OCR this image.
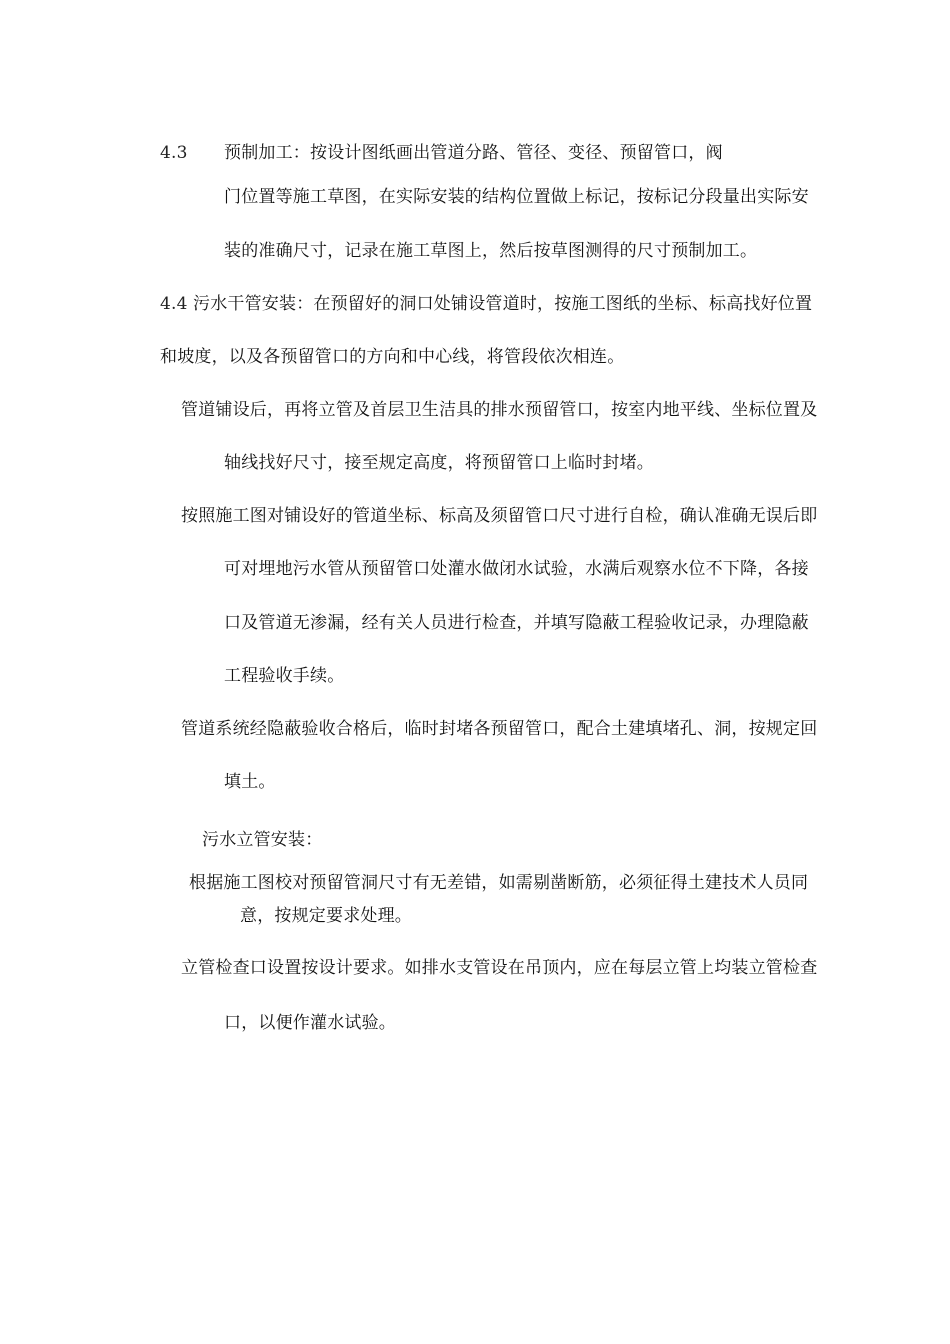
4.3 预制加工：按设计图纸画出管道分路、管径、变径、预留管口，阀
门位置等施工草图，在实际安装的结构位置做上标记，按标记分段量出实际安
装的准确尺寸，记录在施工草图上，然后按草图测得的尺寸预制加工。
4.4 污水干管安装：在预留好的洞口处铺设管道时，按施工图纸的坐标、标高找好位置
和坡度，以及各预留管口的方向和中心线，将管段依次相连。
管道铺设后，再将立管及首层卫生洁具的排水预留管口，按室内地平线、坐标位置及
轴线找好尺寸，接至规定高度，将预留管口上临时封堵。
按照施工图对铺设好的管道坐标、标高及须留管口尺寸进行自检，确认准确无误后即
可对埋地污水管从预留管口处灌水做闭水试验，水满后观察水位不下降，各接
口及管道无渗漏，经有关人员进行检查，并填写隐蔽工程验收记录，办理隐蔽
工程验收手续。
管道系统经隐蔽验收合格后，临时封堵各预留管口，配合土建填堵孔、洞，按规定回
填土。
污水立管安装：
根据施工图校对预留管洞尺寸有无差错，如需剔凿断筋，必须征得土建技术人员同
意，按规定要求处理。
立管检查口设置按设计要求。如排水支管设在吊顶内，应在每层立管上均装立管检查
口，以便作灌水试验。
